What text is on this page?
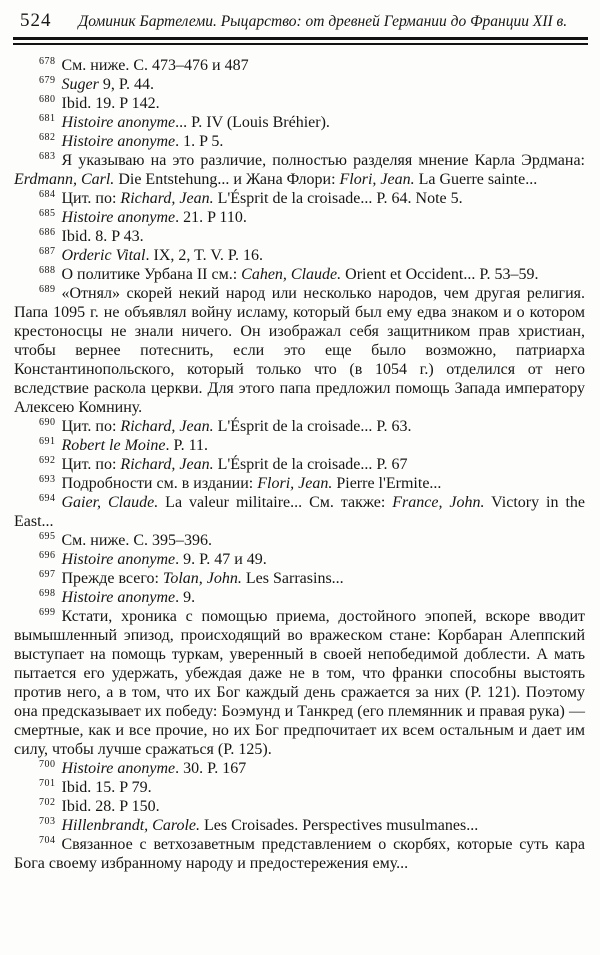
524	Доминик Бартелеми. Рыцарство: от древней Германии до Франции XII в.

$^{678}$ См. ниже. С. 473–476 и 487

$^{679}$ Suger 9, P. 44.

$^{680}$ Ibid. 19. P 142.

$^{681}$ Histoire anonyme... P. IV (Louis Bréhier).

$^{682}$ Histoire anonyme. 1. P 5.

$^{683}$ Я указываю на это различие, полностью разделяя мнение Карла Эрдмана: Erdmann, Carl. Die Entstehung... и Жана Флори: Flori, Jean. La Guerre sainte...

$^{684}$ Цит. по: Richard, Jean. L'Ésprit de la croisade... P. 64. Note 5.

$^{685}$ Histoire anonyme. 21. P 110.

$^{686}$ Ibid. 8. P 43.

$^{687}$ Orderic Vital. IX, 2, T. V. P. 16.

$^{688}$ О политике Урбана II см.: Cahen, Claude. Orient et Occident... P. 53–59.

$^{689}$ «Отнял» скорей некий народ или несколько народов, чем другая религия. Папа 1095 г. не объявлял войну исламу, который был ему едва знаком и о котором крестоносцы не знали ничего. Он изображал себя защитником прав христиан, чтобы вернее потеснить, если это еще было возможно, патриарха Константинопольского, который только что (в 1054 г.) отделился от него вследствие раскола церкви. Для этого папа предложил помощь Запада императору Алексею Комнину.

$^{690}$ Цит. по: Richard, Jean. L'Ésprit de la croisade... P. 63.

$^{691}$ Robert le Moine. P. 11.

$^{692}$ Цит. по: Richard, Jean. L'Ésprit de la croisade... P. 67

$^{693}$ Подробности см. в издании: Flori, Jean. Pierre l'Ermite...

$^{694}$ Gaier, Claude. La valeur militaire... См. также: France, John. Victory in the East...

$^{695}$ См. ниже. С. 395–396.

$^{696}$ Histoire anonyme. 9. P. 47 и 49.

$^{697}$ Прежде всего: Tolan, John. Les Sarrasins...

$^{698}$ Histoire anonyme. 9.

$^{699}$ Кстати, хроника с помощью приема, достойного эпопей, вскоре вводит вымышленный эпизод, происходящий во вражеском стане: Корбаран Алеппский выступает на помощь туркам, уверенный в своей непобедимой доблести. А мать пытается его удержать, убеждая даже не в том, что франки способны выстоять против него, а в том, что их Бог каждый день сражается за них (P. 121). Поэтому она предсказывает их победу: Боэмунд и Танкред (его племянник и правая рука) — смертные, как и все прочие, но их Бог предпочитает их всем остальным и дает им силу, чтобы лучше сражаться (P. 125).

$^{700}$ Histoire anonyme. 30. P. 167

$^{701}$ Ibid. 15. P 79.

$^{702}$ Ibid. 28. P 150.

$^{703}$ Hillenbrandt, Carole. Les Croisades. Perspectives musulmanes...

$^{704}$ Связанное с ветхозаветным представлением о скорбях, которые суть кара Бога своему избранному народу и предостережения ему...
